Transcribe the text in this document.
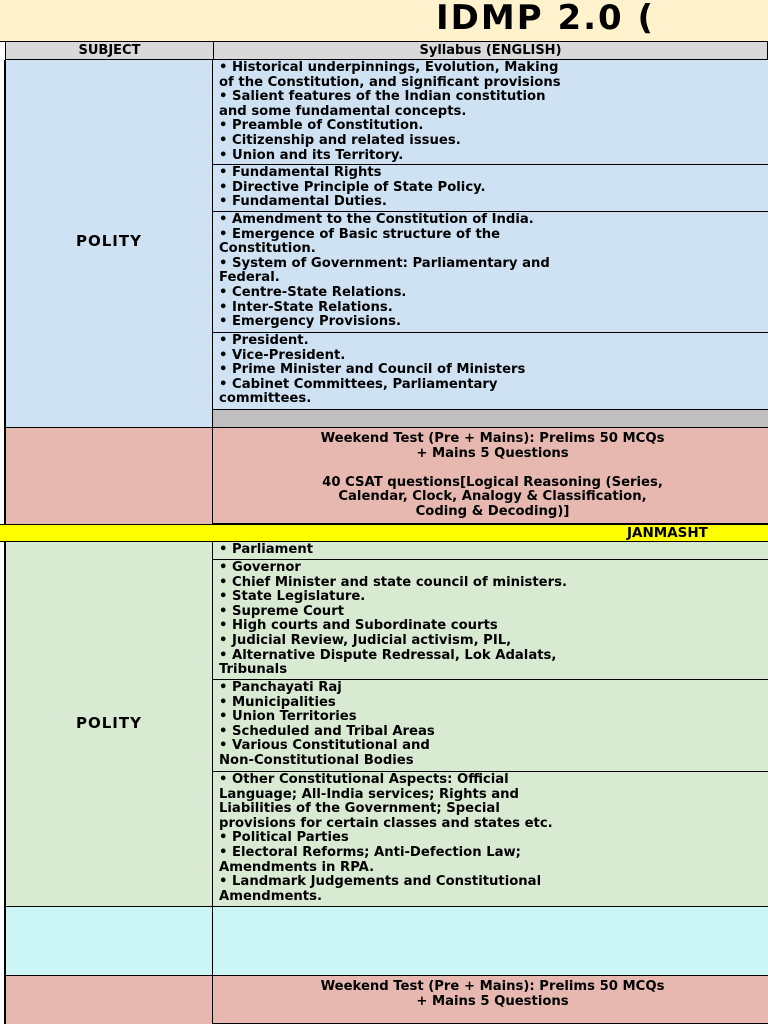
IDMP 2.0 (
SUBJECT	Syllabus (ENGLISH)
POLITY
• Historical underpinnings, Evolution, Making
of the Constitution, and significant provisions
• Salient features of the Indian constitution
and some fundamental concepts.
• Preamble of Constitution.
• Citizenship and related issues.
• Union and its Territory.
• Fundamental Rights
• Directive Principle of State Policy.
• Fundamental Duties.
• Amendment to the Constitution of India.
• Emergence of Basic structure of the
Constitution.
• System of Government: Parliamentary and
Federal.
• Centre-State Relations.
• Inter-State Relations.
• Emergency Provisions.
• President.
• Vice-President.
• Prime Minister and Council of Ministers
• Cabinet Committees, Parliamentary
committees.
Weekend Test (Pre + Mains): Prelims 50 MCQs
+ Mains 5 Questions
40 CSAT questions[Logical Reasoning (Series,
Calendar, Clock, Analogy & Classification,
Coding & Decoding)]
JANMASHT
POLITY
• Parliament
• Governor
• Chief Minister and state council of ministers.
• State Legislature.
• Supreme Court
• High courts and Subordinate courts
• Judicial Review, Judicial activism, PIL,
• Alternative Dispute Redressal, Lok Adalats,
Tribunals
• Panchayati Raj
• Municipalities
• Union Territories
• Scheduled and Tribal Areas
• Various Constitutional and
Non-Constitutional Bodies
• Other Constitutional Aspects: Official
Language; All-India services; Rights and
Liabilities of the Government; Special
provisions for certain classes and states etc.
• Political Parties
• Electoral Reforms; Anti-Defection Law;
Amendments in RPA.
• Landmark Judgements and Constitutional
Amendments.
Weekend Test (Pre + Mains): Prelims 50 MCQs
+ Mains 5 Questions
